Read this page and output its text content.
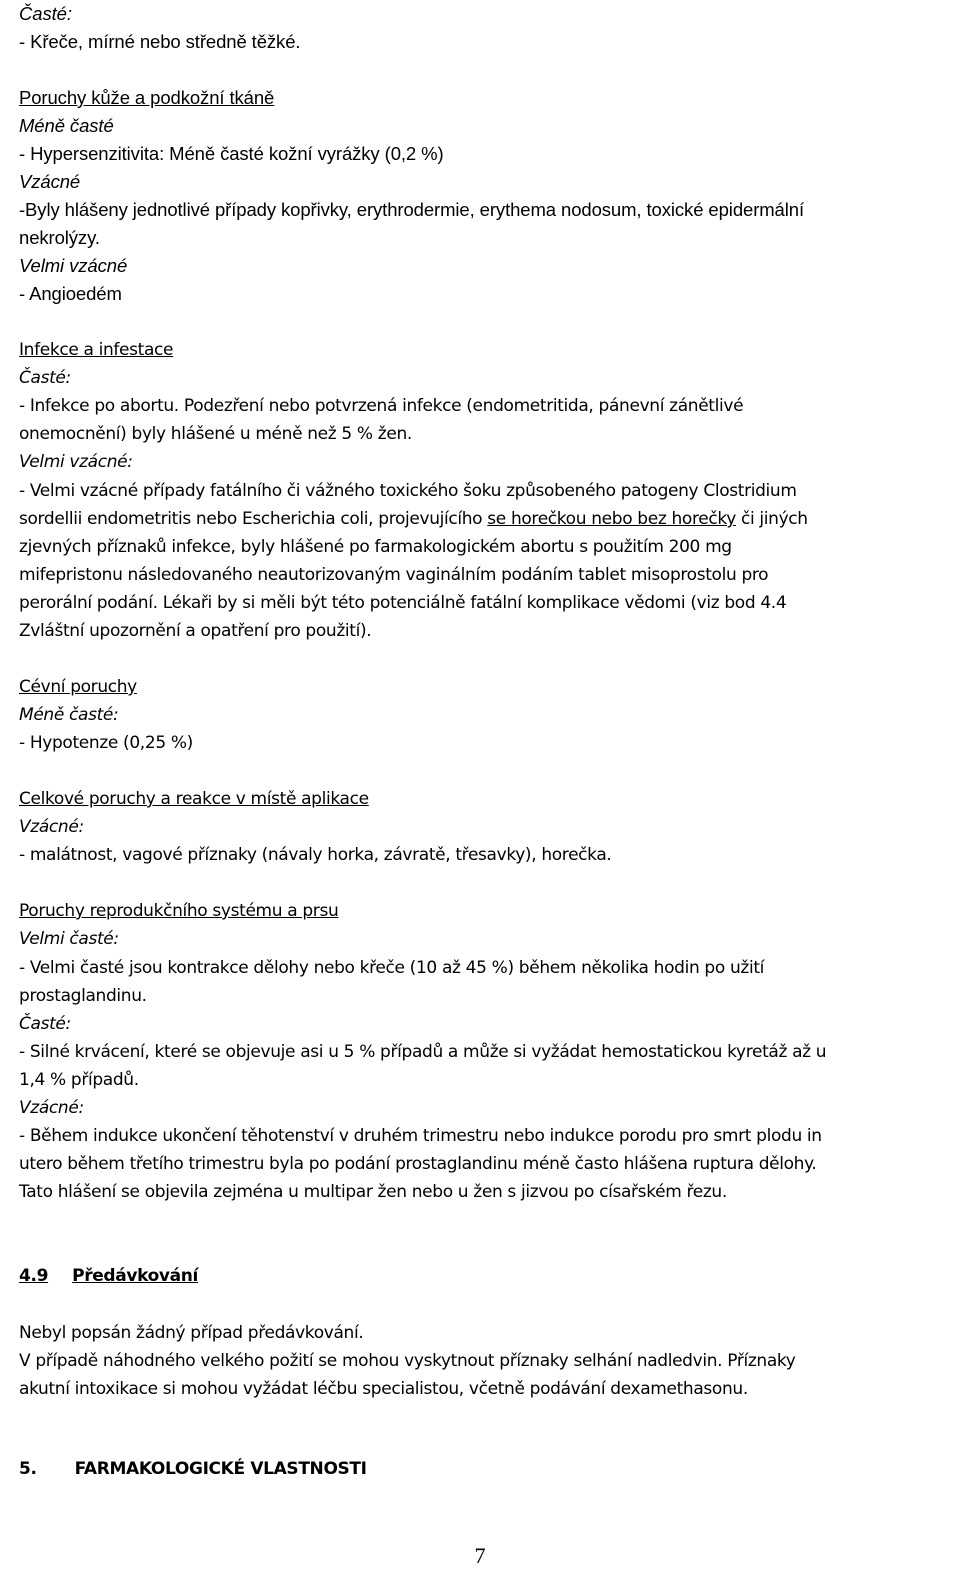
Časté:
- Křeče, mírné nebo středně těžké.
Poruchy kůže a podkožní tkáně
Méně časté
- Hypersenzitivita: Méně časté kožní vyrážky (0,2 %)
Vzácné
-Byly hlášeny jednotlivé případy kopřivky, erythrodermie, erythema nodosum, toxické epidermální
nekrolýzy.
Velmi vzácné
- Angioedém
Infekce a infestace
Časté:
- Infekce po abortu. Podezření nebo potvrzená infekce (endometritida, pánevní zánětlivé
onemocnění) byly hlášené u méně než 5 % žen.
Velmi vzácné:
- Velmi vzácné případy fatálního či vážného toxického šoku způsobeného patogeny Clostridium
sordellii endometritis nebo Escherichia coli, projevujícího se horečkou nebo bez horečky či jiných
zjevných příznaků infekce, byly hlášené po farmakologickém abortu s použitím 200 mg
mifepristonu následovaného neautorizovaným vaginálním podáním tablet misoprostolu pro
perorální podání. Lékaři by si měli být této potenciálně fatální komplikace vědomi (viz bod 4.4
Zvláštní upozornění a opatření pro použití).
Cévní poruchy
Méně časté:
- Hypotenze (0,25 %)
Celkové poruchy a reakce v místě aplikace
Vzácné:
- malátnost, vagové příznaky (návaly horka, závratě, třesavky), horečka.
Poruchy reprodukčního systému a prsu
Velmi časté:
- Velmi časté jsou kontrakce dělohy nebo křeče (10 až 45 %) během několika hodin po užití
prostaglandinu.
Časté:
- Silné krvácení, které se objevuje asi u 5 % případů a může si vyžádat hemostatickou kyretáž až u
1,4 % případů.
Vzácné:
- Během indukce ukončení těhotenství v druhém trimestru nebo indukce porodu pro smrt plodu in
utero během třetího trimestru byla po podání prostaglandinu méně často hlášena ruptura dělohy.
Tato hlášení se objevila zejména u multipar žen nebo u žen s jizvou po císařském řezu.
4.9 Předávkování
Nebyl popsán žádný případ předávkování.
V případě náhodného velkého požití se mohou vyskytnout příznaky selhání nadledvin. Příznaky
akutní intoxikace si mohou vyžádat léčbu specialistou, včetně podávání dexamethasonu.
5. FARMAKOLOGICKÉ VLASTNOSTI
7
